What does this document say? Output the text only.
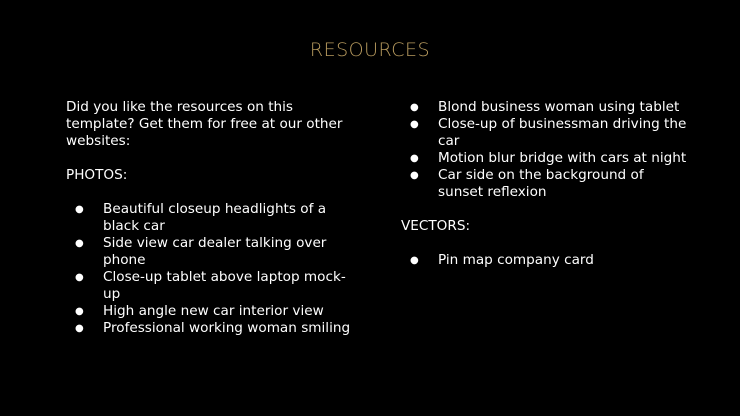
RESOURCES

Did you like the resources on this template? Get them for free at our other websites:

PHOTOS:

● Beautiful closeup headlights of a black car
● Side view car dealer talking over phone
● Close-up tablet above laptop mock-up
● High angle new car interior view
● Professional working woman smiling
● Blond business woman using tablet
● Close-up of businessman driving the car
● Motion blur bridge with cars at night
● Car side on the background of sunset reflexion

VECTORS:

● Pin map company card
